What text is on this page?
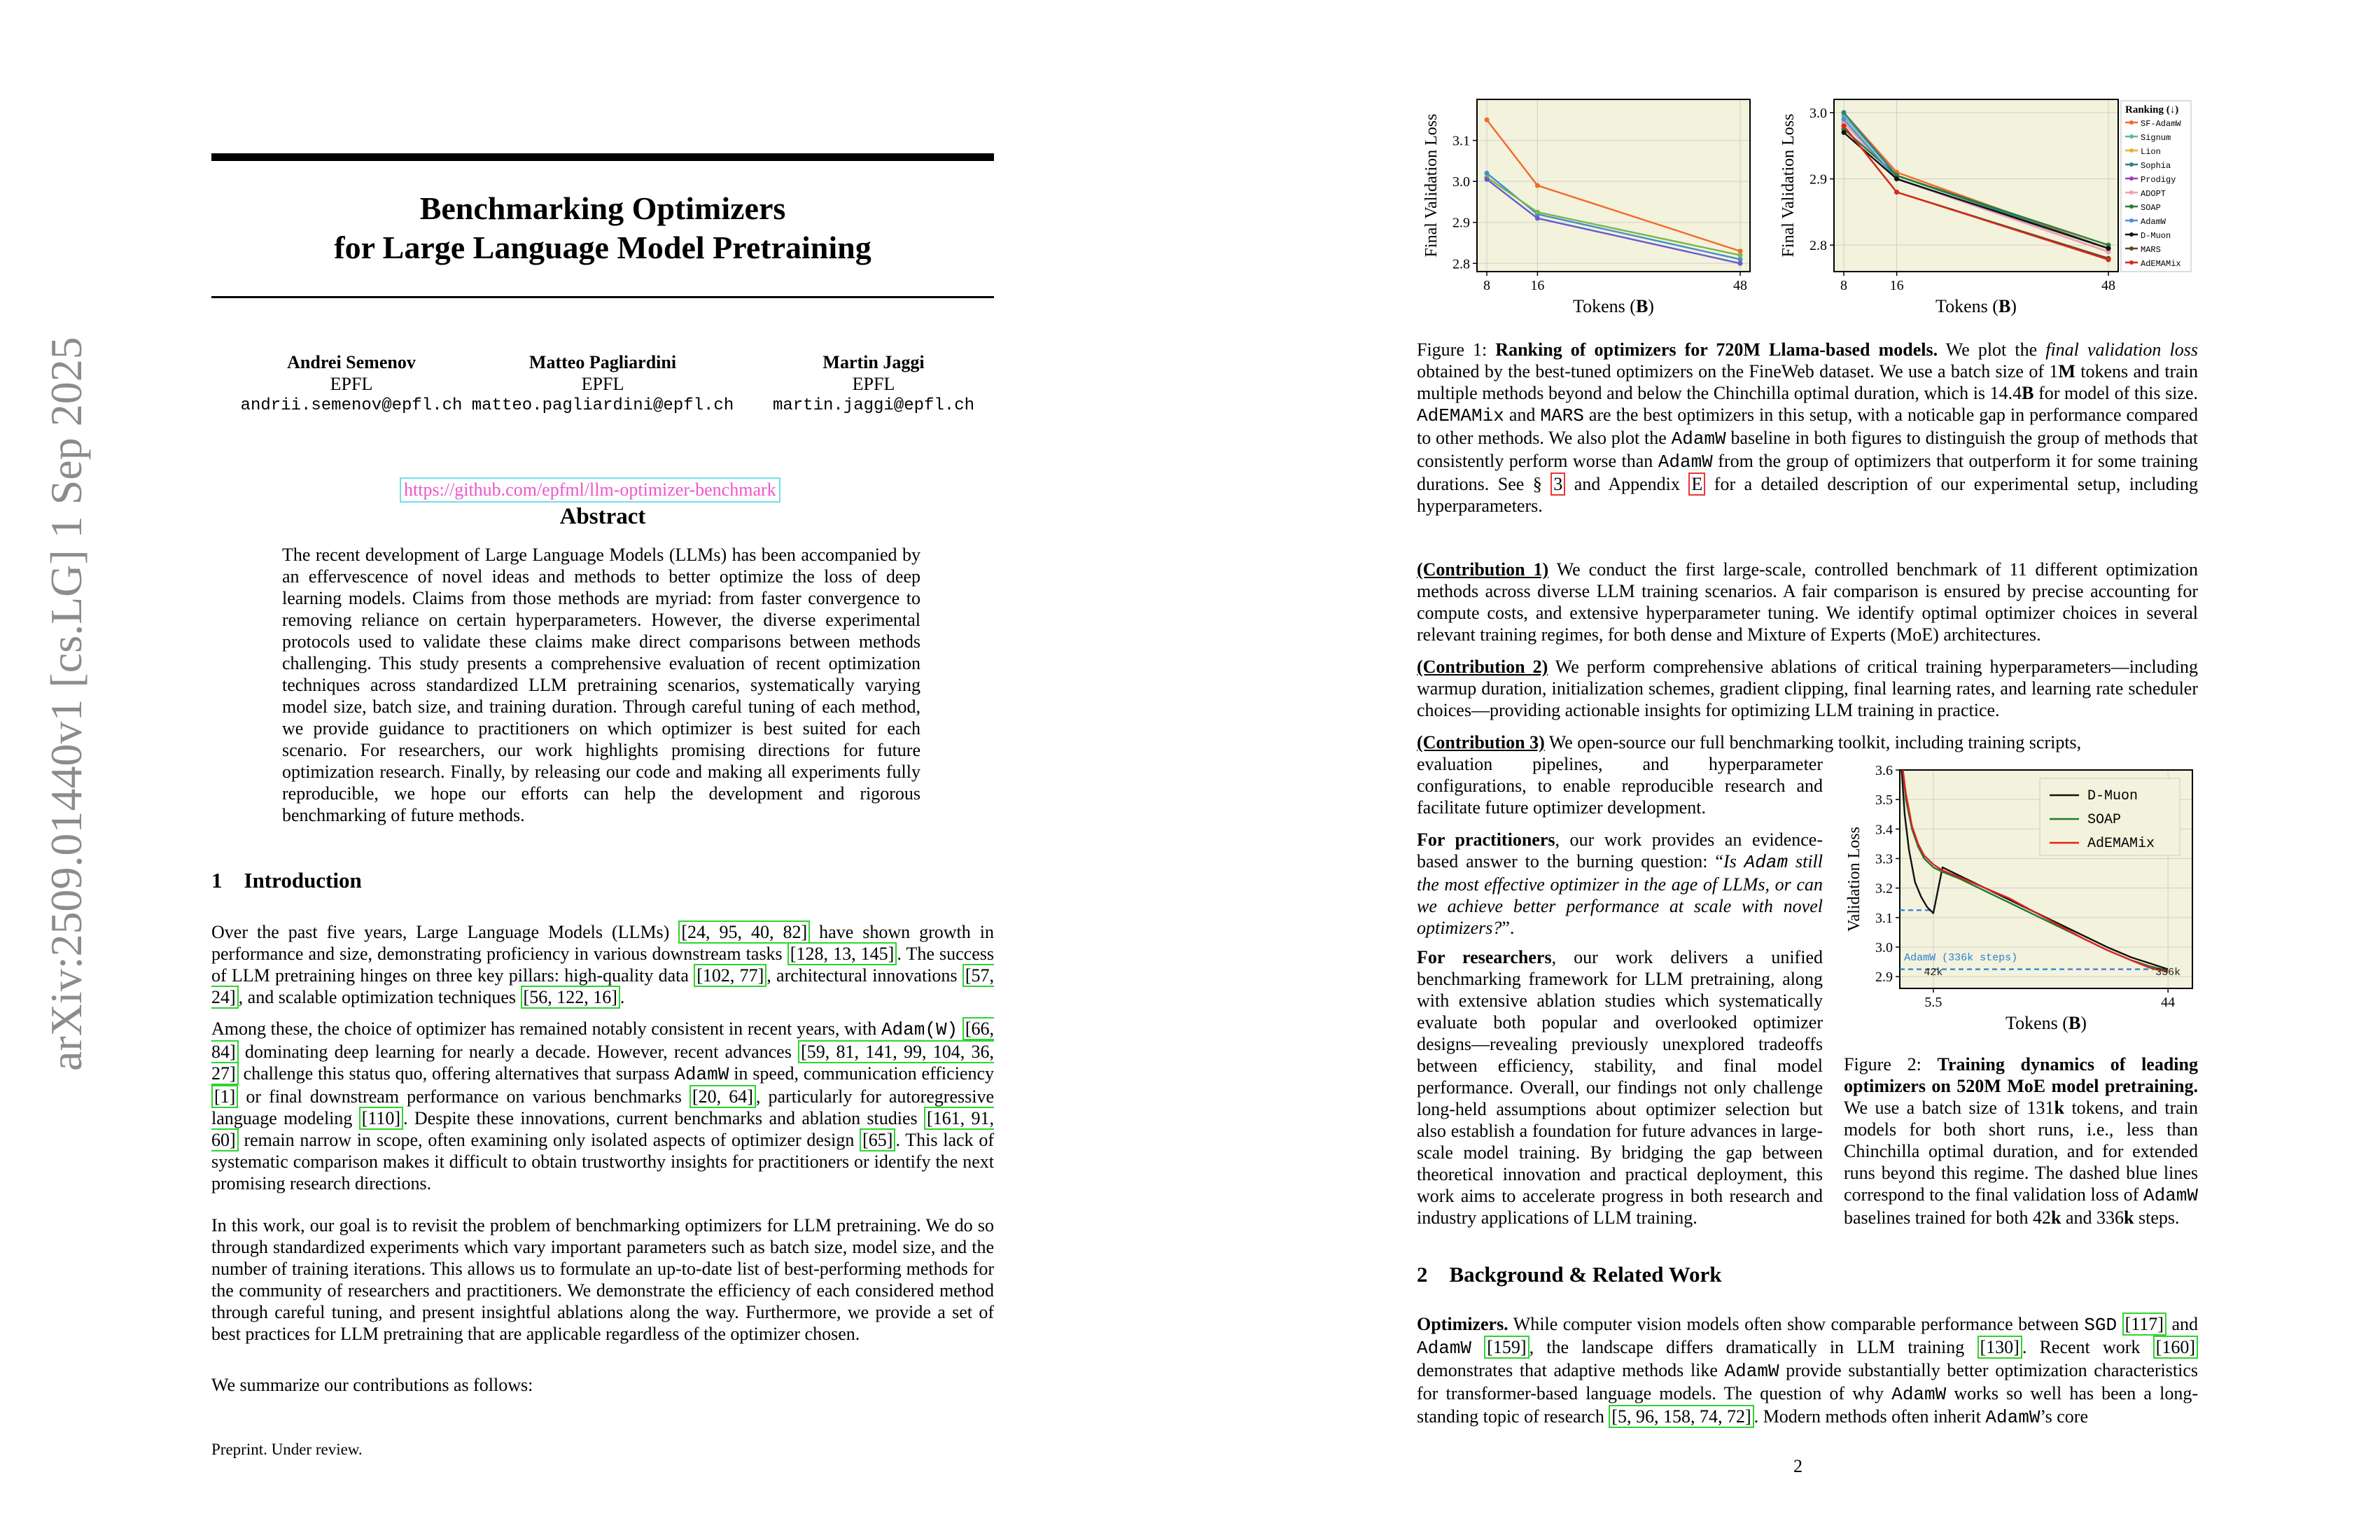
arXiv:2509.01440v1 [cs.LG] 1 Sep 2025
Benchmarking Optimizers
for Large Language Model Pretraining
Andrei Semenov
EPFL
andrii.semenov@epfl.ch
Matteo Pagliardini
EPFL
matteo.pagliardini@epfl.ch
Martin Jaggi
EPFL
martin.jaggi@epfl.ch
https://github.com/epfml/llm-optimizer-benchmark
Abstract
The recent development of Large Language Models (LLMs) has been accompanied by an effervescence of novel ideas and methods to better optimize the loss of deep learning models. Claims from those methods are myriad: from faster convergence to removing reliance on certain hyperparameters. However, the diverse experimental protocols used to validate these claims make direct comparisons between methods challenging. This study presents a comprehensive evaluation of recent optimization techniques across standardized LLM pretraining scenarios, systematically varying model size, batch size, and training duration. Through careful tuning of each method, we provide guidance to practitioners on which optimizer is best suited for each scenario. For researchers, our work highlights promising directions for future optimization research. Finally, by releasing our code and making all experiments fully reproducible, we hope our efforts can help the development and rigorous benchmarking of future methods.
1    Introduction
Over the past five years, Large Language Models (LLMs) [24, 95, 40, 82] have shown growth in performance and size, demonstrating proficiency in various downstream tasks [128, 13, 145] . The success of LLM pretraining hinges on three key pillars: high-quality data [102, 77] , architectural innovations [57, 24] , and scalable optimization techniques [56, 122, 16] .
Among these, the choice of optimizer has remained notably consistent in recent years, with Adam(W) [66, 84] dominating deep learning for nearly a decade. However, recent advances [59, 81, 141, 99, 104, 36, 27] challenge this status quo, offering alternatives that surpass AdamW in speed, communication efficiency [1] or final downstream performance on various benchmarks [20, 64] , particularly for autoregressive language modeling [110] . Despite these innovations, current benchmarks and ablation studies [161, 91, 60] remain narrow in scope, often examining only isolated aspects of optimizer design [65] . This lack of systematic comparison makes it difficult to obtain trustworthy insights for practitioners or identify the next promising research directions.
In this work, our goal is to revisit the problem of benchmarking optimizers for LLM pretraining. We do so through standardized experiments which vary important parameters such as batch size, model size, and the number of training iterations. This allows us to formulate an up-to-date list of best-performing methods for the community of researchers and practitioners. We demonstrate the efficiency of each considered method through careful tuning, and present insightful ablations along the way. Furthermore, we provide a set of best practices for LLM pretraining that are applicable regardless of the optimizer chosen.
We summarize our contributions as follows:
Preprint. Under review.
2.8
2.9
3.0
3.1
8	16	48
Final Validation Loss
Tokens (B)
2.8
2.9
3.0
8	16	48
Final Validation Loss
Tokens (B)
Ranking (↓)
SF-AdamW
Signum
Lion
Sophia
Prodigy
ADOPT
SOAP
AdamW
D-Muon
MARS
AdEMAMix
Figure 1: Ranking of optimizers for 720M Llama-based models. We plot the final validation loss obtained by the best-tuned optimizers on the FineWeb dataset. We use a batch size of 1M tokens and train multiple methods beyond and below the Chinchilla optimal duration, which is 14.4B for model of this size. AdEMAMix and MARS are the best optimizers in this setup, with a noticable gap in performance compared to other methods. We also plot the AdamW baseline in both figures to distinguish the group of methods that consistently perform worse than AdamW from the group of optimizers that outperform it for some training durations. See § 3 and Appendix E for a detailed description of our experimental setup, including hyperparameters.
(Contribution 1) We conduct the first large-scale, controlled benchmark of 11 different optimization methods across diverse LLM training scenarios. A fair comparison is ensured by precise accounting for compute costs, and extensive hyperparameter tuning. We identify optimal optimizer choices in several relevant training regimes, for both dense and Mixture of Experts (MoE) architectures.
(Contribution 2) We perform comprehensive ablations of critical training hyperparameters—including warmup duration, initialization schemes, gradient clipping, final learning rates, and learning rate scheduler choices—providing actionable insights for optimizing LLM training in practice.
(Contribution 3) We open-source our full benchmarking toolkit, including training scripts,
evaluation pipelines, and hyperparameter configurations, to enable reproducible research and facilitate future optimizer development.
2.9
3.0
3.1
3.2
3.3
3.4
3.5
3.6
5.5	44
Validation Loss
Tokens (B)
AdamW (336k steps)
42k	336k
D-Muon
SOAP
AdEMAMix
For practitioners, our work provides an evidence-based answer to the burning question: “Is Adam still the most effective optimizer in the age of LLMs, or can we achieve better performance at scale with novel optimizers?”.
For researchers, our work delivers a unified benchmarking framework for LLM pretraining, along with extensive ablation studies which systematically evaluate both popular and overlooked optimizer designs—revealing previously unexplored tradeoffs between efficiency, stability, and final model performance. Overall, our findings not only challenge long-held assumptions about optimizer selection but also establish a foundation for future advances in large-scale model training. By bridging the gap between theoretical innovation and practical deployment, this work aims to accelerate progress in both research and industry applications of LLM training.
Figure 2: Training dynamics of leading optimizers on 520M MoE model pretraining. We use a batch size of 131k tokens, and train models for both short runs, i.e., less than Chinchilla optimal duration, and for extended runs beyond this regime. The dashed blue lines correspond to the final validation loss of AdamW baselines trained for both 42k and 336k steps.
2    Background & Related Work
Optimizers. While computer vision models often show comparable performance between SGD [117] and AdamW [159] , the landscape differs dramatically in LLM training [130] . Recent work [160] demonstrates that adaptive methods like AdamW provide substantially better optimization characteristics for transformer-based language models. The question of why AdamW works so well has been a long-standing topic of research [5, 96, 158, 74, 72] . Modern methods often inherit AdamW’s core
2
